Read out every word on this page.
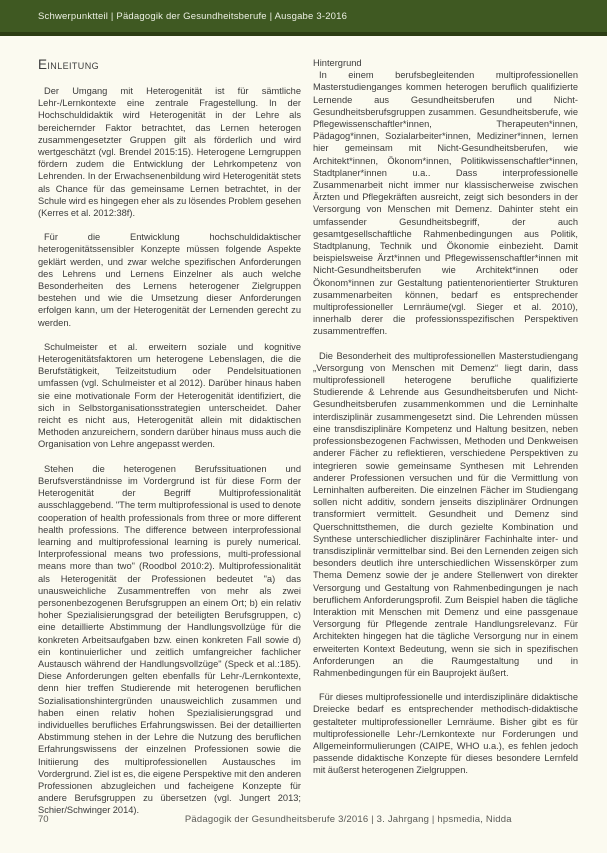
Schwerpunktteil | Pädagogik der Gesundheitsberufe | Ausgabe 3-2016
Einleitung

Der Umgang mit Heterogenität ist für sämtliche Lehr-/Lernkontexte eine zentrale Fragestellung. In der Hochschuldidaktik wird Heterogenität in der Lehre als bereichernder Faktor betrachtet, das Lernen heterogen zusammengesetzter Gruppen gilt als förderlich und wird wertgeschätzt (vgl. Brendel 2015:15). Heterogene Lerngruppen fördern zudem die Entwicklung der Lehrkompetenz von Lehrenden. In der Erwachsenenbildung wird Heterogenität stets als Chance für das gemeinsame Lernen betrachtet, in der Schule wird es hingegen eher als zu lösendes Problem gesehen (Kerres et al. 2012:38f).

Für die Entwicklung hochschuldidaktischer heterogenitätssensibler Konzepte müssen folgende Aspekte geklärt werden, und zwar welche spezifischen Anforderungen des Lehrens und Lernens Einzelner als auch welche Besonderheiten des Lernens heterogener Zielgruppen bestehen und wie die Umsetzung dieser Anforderungen erfolgen kann, um der Heterogenität der Lernenden gerecht zu werden.

Schulmeister et al. erweitern soziale und kognitive Heterogenitätsfaktoren um heterogene Lebenslagen, die die Berufstätigkeit, Teilzeitstudium oder Pendelsituationen umfassen (vgl. Schulmeister et al 2012). Darüber hinaus haben sie eine motivationale Form der Heterogenität identifiziert, die sich in Selbstorganisationsstrategien unterscheidet. Daher reicht es nicht aus, Heterogenität allein mit didaktischen Methoden anzureichern, sondern darüber hinaus muss auch die Organisation von Lehre angepasst werden.

Stehen die heterogenen Berufssituationen und Berufsverständnisse im Vordergrund ist für diese Form der Heterogenität der Begriff Multiprofessionalität ausschlaggebend. "The term multiprofessional is used to denote cooperation of health professionals from three or more different health professions. The difference between interprofessional learning and multiprofessional learning is purely numerical. Interprofessional means two professions, multi-professional means more than two" (Roodbol 2010:2). Multiprofessionalität als Heterogenität der Professionen bedeutet "a) das unausweichliche Zusammentreffen von mehr als zwei personenbezogenen Berufsgruppen an einem Ort; b) ein relativ hoher Spezialisierungsgrad der beteiligten Berufsgruppen, c) eine detaillierte Abstimmung der Handlungsvollzüge für die konkreten Arbeitsaufgaben bzw. einen konkreten Fall sowie d) ein kontinuierlicher und zeitlich umfangreicher fachlicher Austausch während der Handlungsvollzüge" (Speck et al.:185). Diese Anforderungen gelten ebenfalls für Lehr-/Lernkontexte, denn hier treffen Studierende mit heterogenen beruflichen Sozialisationshintergründen unausweichlich zusammen und haben einen relativ hohen Spezialisierungsgrad und individuelles berufliches Erfahrungswissen. Bei der detaillierten Abstimmung stehen in der Lehre die Nutzung des beruflichen Erfahrungswissens der einzelnen Professionen sowie die Initiierung des multiprofessionellen Austausches im Vordergrund. Ziel ist es, die eigene Perspektive mit den anderen Professionen abzugleichen und facheigene Konzepte für andere Berufsgruppen zu übersetzen (vgl. Jungert 2013; Schier/Schwinger 2014).

Hintergrund

In einem berufsbegleitenden multiprofessionellen Masterstudienganges kommen heterogen beruflich qualifizierte Lernende aus Gesundheitsberufen und Nicht-Gesundheitsberufsgruppen zusammen. Gesundheitsberufe, wie Pflegewissenschaftler*innen, Therapeuten*innen, Pädagog*innen, Sozialarbeiter*innen, Mediziner*innen, lernen hier gemeinsam mit Nicht-Gesundheitsberufen, wie Architekt*innen, Ökonom*innen, Politikwissenschaftler*innen, Stadtplaner*innen u.a.. Dass interprofessionelle Zusammenarbeit nicht immer nur klassischerweise zwischen Ärzten und Pflegekräften ausreicht, zeigt sich besonders in der Versorgung von Menschen mit Demenz. Dahinter steht ein umfassender Gesundheitsbegriff, der auch gesamtgesellschaftliche Rahmenbedingungen aus Politik, Stadtplanung, Technik und Ökonomie einbezieht. Damit beispielsweise Ärzt*innen und Pflegewissenschaftler*innen mit Nicht-Gesundheitsberufen wie Architekt*innen oder Ökonom*innen zur Gestaltung patientenorientierter Strukturen zusammenarbeiten können, bedarf es entsprechender multiprofessioneller Lernräume(vgl. Sieger et al. 2010), innerhalb derer die professionsspezifischen Perspektiven zusammentreffen.

Die Besonderheit des multiprofessionellen Masterstudiengang „Versorgung von Menschen mit Demenz“ liegt darin, dass multiprofessionell heterogene berufliche qualifizierte Studierende & Lehrende aus Gesundheitsberufen und Nicht-Gesundheitsberufen zusammenkommen und die Lerninhalte interdisziplinär zusammengesetzt sind. Die Lehrenden müssen eine transdisziplinäre Kompetenz und Haltung besitzen, neben professionsbezogenen Fachwissen, Methoden und Denkweisen anderer Fächer zu reflektieren, verschiedene Perspektiven zu integrieren sowie gemeinsame Synthesen mit Lehrenden anderer Professionen versuchen und für die Vermittlung von Lerninhalten aufbereiten. Die einzelnen Fächer im Studiengang sollen nicht additiv, sondern jenseits disziplinärer Ordnungen transformiert vermittelt. Gesundheit und Demenz sind Querschnittsthemen, die durch gezielte Kombination und Synthese unterschiedlicher disziplinärer Fachinhalte inter- und transdisziplinär vermittelbar sind. Bei den Lernenden zeigen sich besonders deutlich ihre unterschiedlichen Wissenskörper zum Thema Demenz sowie der je andere Stellenwert von direkter Versorgung und Gestaltung von Rahmenbedingungen je nach beruflichem Anforderungsprofil. Zum Beispiel haben die tägliche Interaktion mit Menschen mit Demenz und eine passgenaue Versorgung für Pflegende zentrale Handlungsrelevanz. Für Architekten hingegen hat die tägliche Versorgung nur in einem erweiterten Kontext Bedeutung, wenn sie sich in spezifischen Anforderungen an die Raumgestaltung und in Rahmenbedingungen für ein Bauprojekt äußert.

Für dieses multiprofessionelle und interdisziplinäre didaktische Dreiecke bedarf es entsprechender methodisch-didaktische gestalteter multiprofessioneller Lernräume. Bisher gibt es für multiprofessionelle Lehr-/Lernkontexte nur Forderungen und Allgemeinformulierungen (CAIPE, WHO u.a.), es fehlen jedoch passende didaktische Konzepte für dieses besondere Lernfeld mit äußerst heterogenen Zielgruppen.

70	Pädagogik der Gesundheitsberufe 3/2016 | 3. Jahrgang | hpsmedia, Nidda
